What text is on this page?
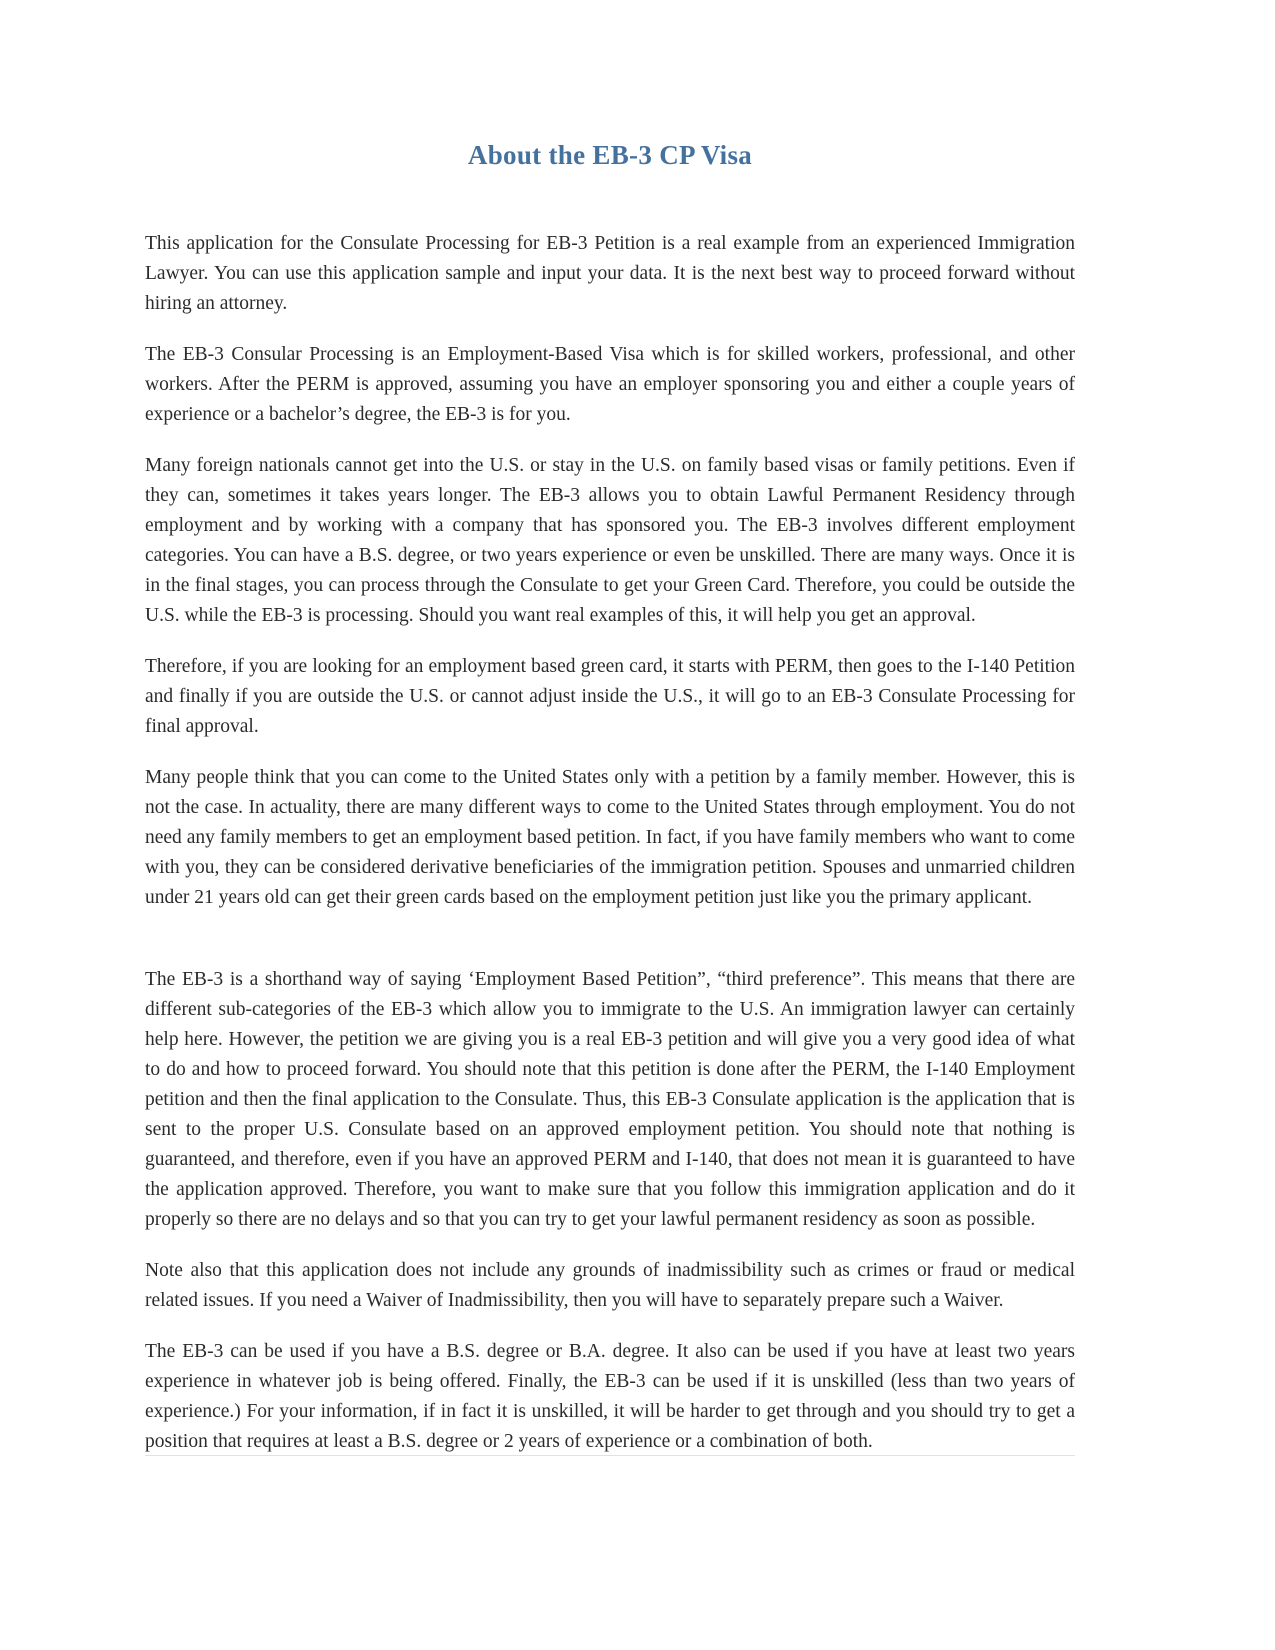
About the EB-3 CP Visa

This application for the Consulate Processing for EB-3 Petition is a real example from an experienced Immigration Lawyer. You can use this application sample and input your data. It is the next best way to proceed forward without hiring an attorney.

The EB-3 Consular Processing is an Employment-Based Visa which is for skilled workers, professional, and other workers. After the PERM is approved, assuming you have an employer sponsoring you and either a couple years of experience or a bachelor’s degree, the EB-3 is for you.

Many foreign nationals cannot get into the U.S. or stay in the U.S. on family based visas or family petitions. Even if they can, sometimes it takes years longer. The EB-3 allows you to obtain Lawful Permanent Residency through employment and by working with a company that has sponsored you. The EB-3 involves different employment categories. You can have a B.S. degree, or two years experience or even be unskilled. There are many ways. Once it is in the final stages, you can process through the Consulate to get your Green Card. Therefore, you could be outside the U.S. while the EB-3 is processing. Should you want real examples of this, it will help you get an approval.

Therefore, if you are looking for an employment based green card, it starts with PERM, then goes to the I-140 Petition and finally if you are outside the U.S. or cannot adjust inside the U.S., it will go to an EB-3 Consulate Processing for final approval.

Many people think that you can come to the United States only with a petition by a family member. However, this is not the case. In actuality, there are many different ways to come to the United States through employment. You do not need any family members to get an employment based petition. In fact, if you have family members who want to come with you, they can be considered derivative beneficiaries of the immigration petition. Spouses and unmarried children under 21 years old can get their green cards based on the employment petition just like you the primary applicant.

The EB-3 is a shorthand way of saying ‘Employment Based Petition”, “third preference”. This means that there are different sub-categories of the EB-3 which allow you to immigrate to the U.S. An immigration lawyer can certainly help here. However, the petition we are giving you is a real EB-3 petition and will give you a very good idea of what to do and how to proceed forward. You should note that this petition is done after the PERM, the I-140 Employment petition and then the final application to the Consulate. Thus, this EB-3 Consulate application is the application that is sent to the proper U.S. Consulate based on an approved employment petition. You should note that nothing is guaranteed, and therefore, even if you have an approved PERM and I-140, that does not mean it is guaranteed to have the application approved. Therefore, you want to make sure that you follow this immigration application and do it properly so there are no delays and so that you can try to get your lawful permanent residency as soon as possible.

Note also that this application does not include any grounds of inadmissibility such as crimes or fraud or medical related issues. If you need a Waiver of Inadmissibility, then you will have to separately prepare such a Waiver.

The EB-3 can be used if you have a B.S. degree or B.A. degree. It also can be used if you have at least two years experience in whatever job is being offered. Finally, the EB-3 can be used if it is unskilled (less than two years of experience.) For your information, if in fact it is unskilled, it will be harder to get through and you should try to get a position that requires at least a B.S. degree or 2 years of experience or a combination of both.
